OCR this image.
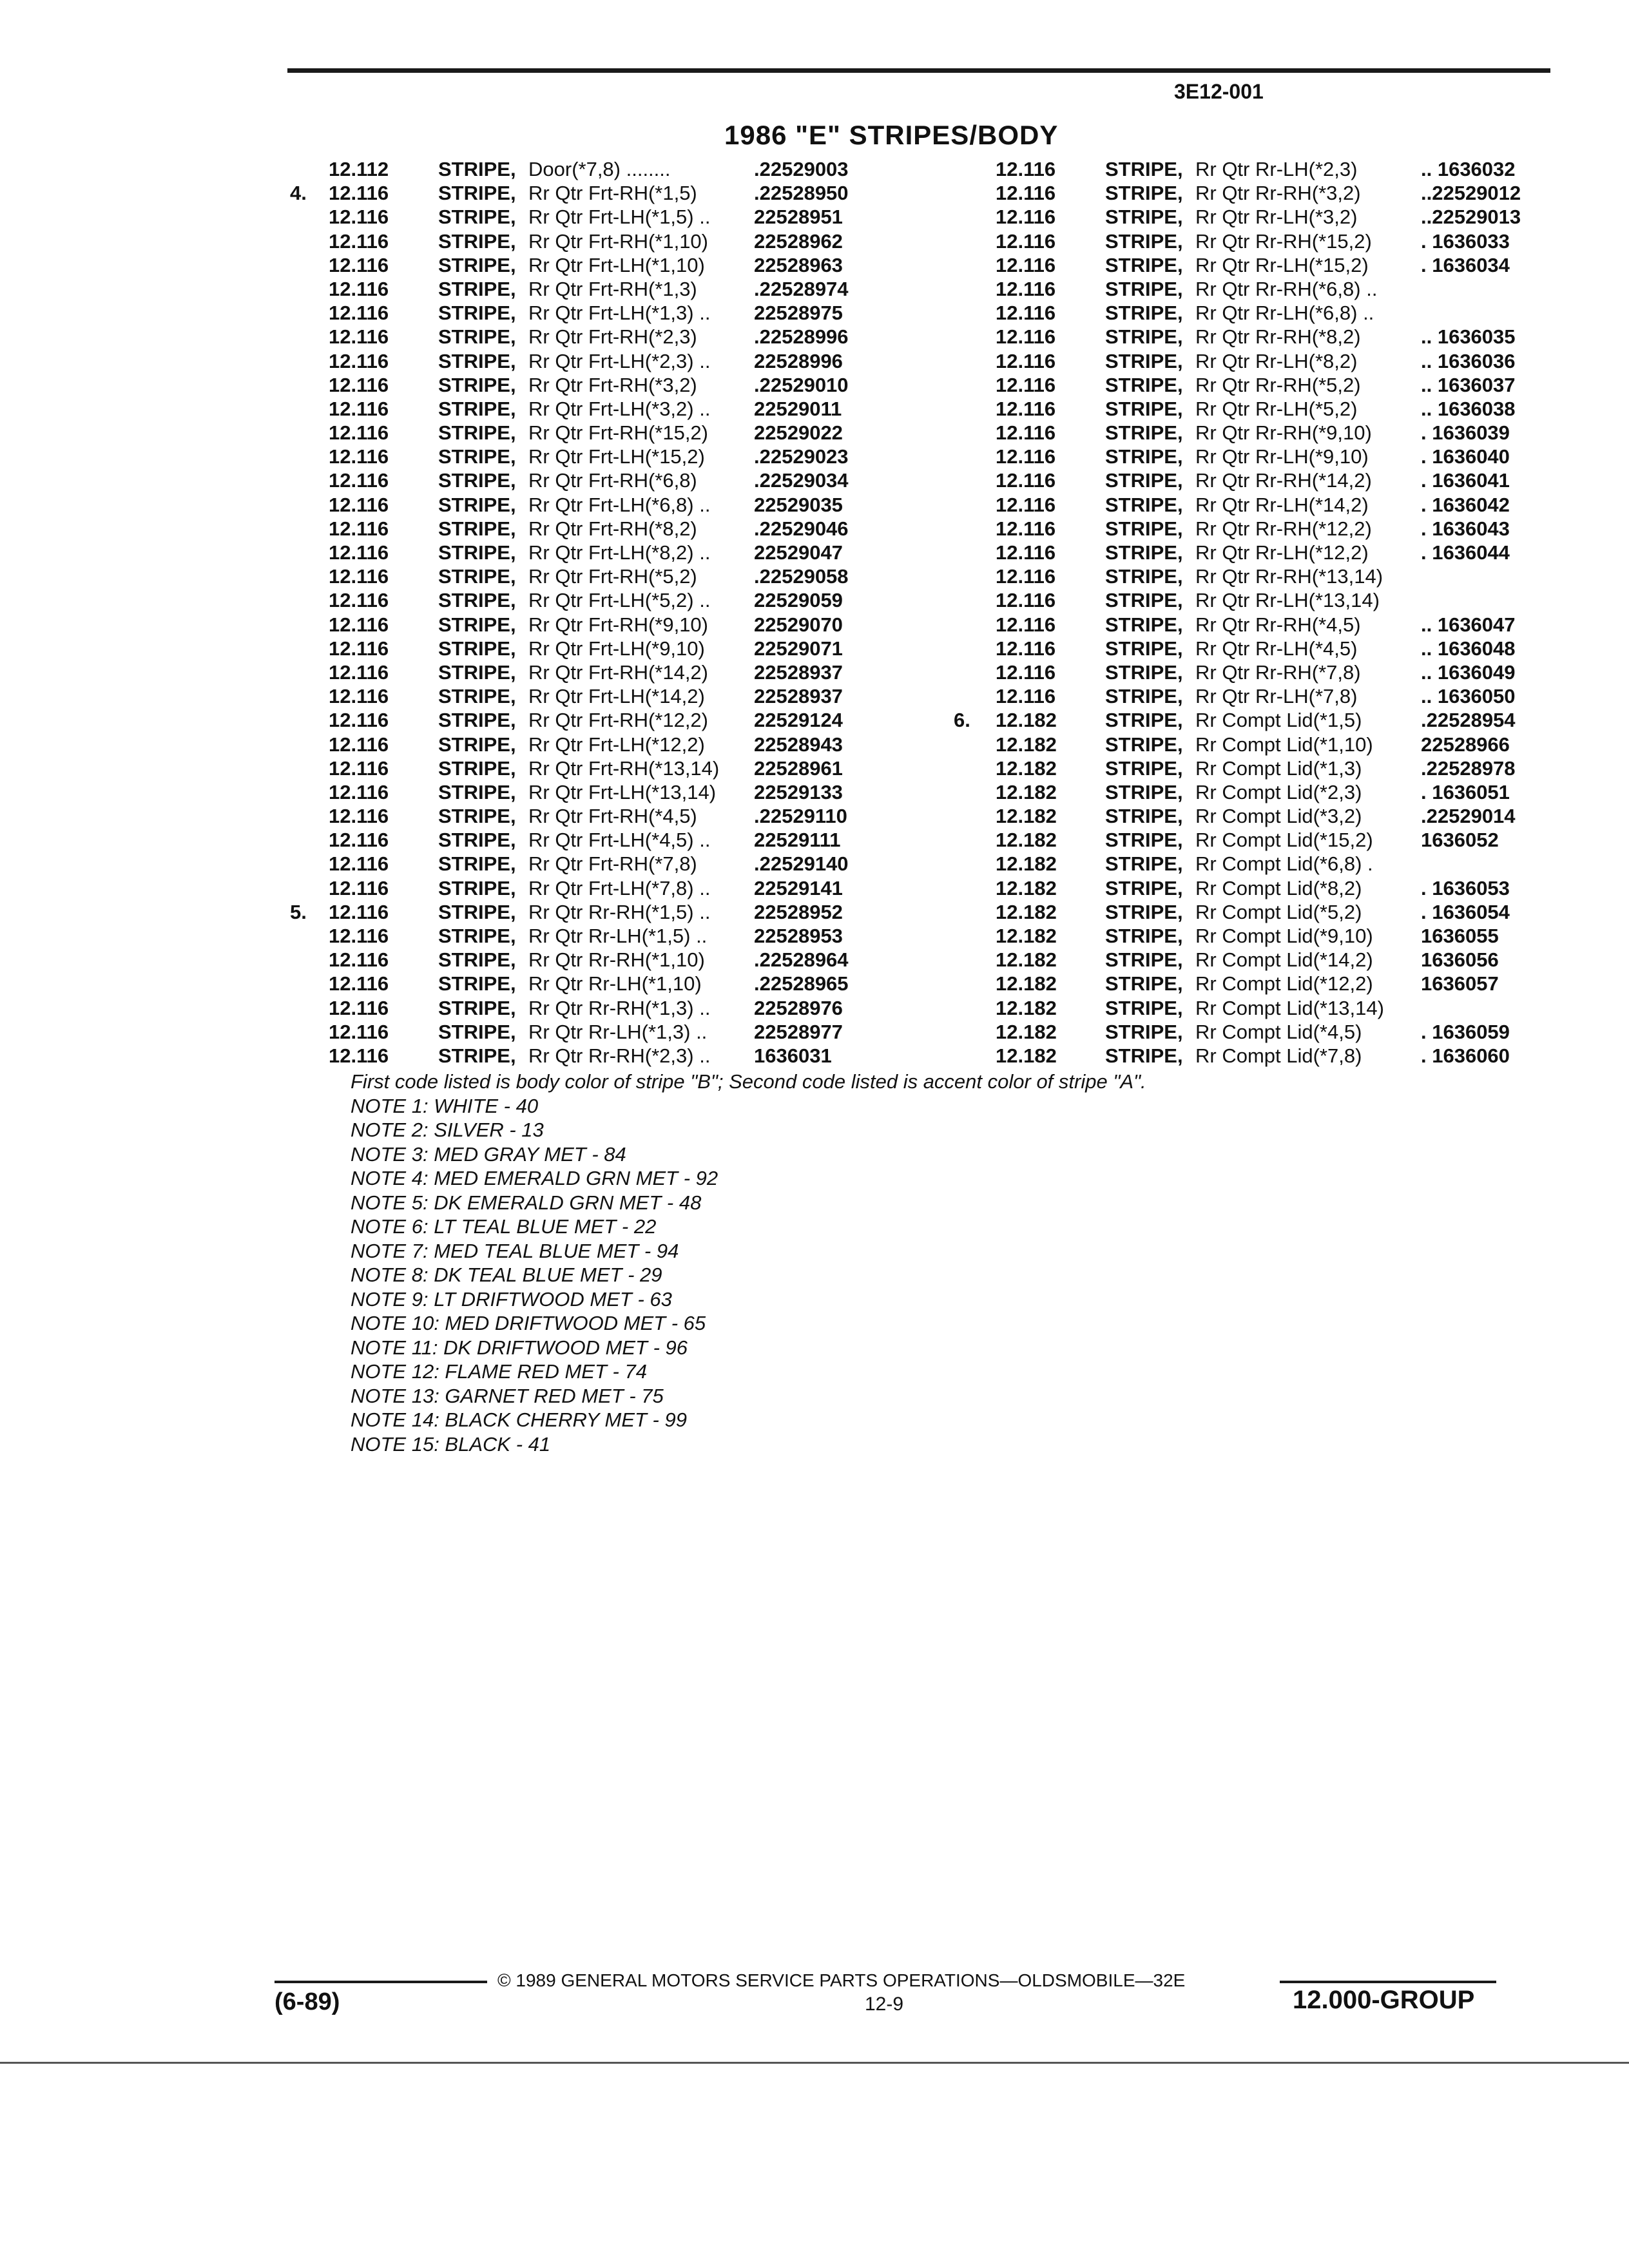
3E12-001
1986 "E" STRIPES/BODY
12.112 STRIPE, Door(*7,8) ........	.22529003
4. 12.116 STRIPE, Rr Qtr Frt-RH(*1,5)	.22528950
12.116 STRIPE, Rr Qtr Frt-LH(*1,5) .. 22528951
12.116 STRIPE, Rr Qtr Frt-RH(*1,10) 22528962
12.116 STRIPE, Rr Qtr Frt-LH(*1,10) 22528963
12.116 STRIPE, Rr Qtr Frt-RH(*1,3)	.22528974
12.116 STRIPE, Rr Qtr Frt-LH(*1,3) .. 22528975
12.116 STRIPE, Rr Qtr Frt-RH(*2,3)	.22528996
12.116 STRIPE, Rr Qtr Frt-LH(*2,3) .. 22528996
12.116 STRIPE, Rr Qtr Frt-RH(*3,2)	.22529010
12.116 STRIPE, Rr Qtr Frt-LH(*3,2) .. 22529011
12.116 STRIPE, Rr Qtr Frt-RH(*15,2) 22529022
12.116 STRIPE, Rr Qtr Frt-LH(*15,2) .22529023
12.116 STRIPE, Rr Qtr Frt-RH(*6,8)	.22529034
12.116 STRIPE, Rr Qtr Frt-LH(*6,8) .. 22529035
12.116 STRIPE, Rr Qtr Frt-RH(*8,2)	.22529046
12.116 STRIPE, Rr Qtr Frt-LH(*8,2) .. 22529047
12.116 STRIPE, Rr Qtr Frt-RH(*5,2)	.22529058
12.116 STRIPE, Rr Qtr Frt-LH(*5,2) .. 22529059
12.116 STRIPE, Rr Qtr Frt-RH(*9,10) 22529070
12.116 STRIPE, Rr Qtr Frt-LH(*9,10) 22529071
12.116 STRIPE, Rr Qtr Frt-RH(*14,2) 22528937
12.116 STRIPE, Rr Qtr Frt-LH(*14,2) 22528937
12.116 STRIPE, Rr Qtr Frt-RH(*12,2) 22529124
12.116 STRIPE, Rr Qtr Frt-LH(*12,2) 22528943
12.116 STRIPE, Rr Qtr Frt-RH(*13,14) 22528961
12.116 STRIPE, Rr Qtr Frt-LH(*13,14) 22529133
12.116 STRIPE, Rr Qtr Frt-RH(*4,5)	.22529110
12.116 STRIPE, Rr Qtr Frt-LH(*4,5) .. 22529111
12.116 STRIPE, Rr Qtr Frt-RH(*7,8)	.22529140
12.116 STRIPE, Rr Qtr Frt-LH(*7,8) .. 22529141
5. 12.116 STRIPE, Rr Qtr Rr-RH(*1,5) .. 22528952
12.116 STRIPE, Rr Qtr Rr-LH(*1,5) .. 22528953
12.116 STRIPE, Rr Qtr Rr-RH(*1,10) .22528964
12.116 STRIPE, Rr Qtr Rr-LH(*1,10)	.22528965
12.116 STRIPE, Rr Qtr Rr-RH(*1,3) .. 22528976
12.116 STRIPE, Rr Qtr Rr-LH(*1,3) .. 22528977
12.116 STRIPE, Rr Qtr Rr-RH(*2,3) .. 1636031
12.116 STRIPE, Rr Qtr Rr-LH(*2,3)	.. 1636032
12.116 STRIPE, Rr Qtr Rr-RH(*3,2)	..22529012
12.116 STRIPE, Rr Qtr Rr-LH(*3,2)	..22529013
12.116 STRIPE, Rr Qtr Rr-RH(*15,2) . 1636033
12.116 STRIPE, Rr Qtr Rr-LH(*15,2)	. 1636034
12.116 STRIPE, Rr Qtr Rr-RH(*6,8) ..
12.116 STRIPE, Rr Qtr Rr-LH(*6,8) ..
12.116 STRIPE, Rr Qtr Rr-RH(*8,2)	.. 1636035
12.116 STRIPE, Rr Qtr Rr-LH(*8,2)	.. 1636036
12.116 STRIPE, Rr Qtr Rr-RH(*5,2)	.. 1636037
12.116 STRIPE, Rr Qtr Rr-LH(*5,2)	.. 1636038
12.116 STRIPE, Rr Qtr Rr-RH(*9,10) . 1636039
12.116 STRIPE, Rr Qtr Rr-LH(*9,10)	. 1636040
12.116 STRIPE, Rr Qtr Rr-RH(*14,2) . 1636041
12.116 STRIPE, Rr Qtr Rr-LH(*14,2)	. 1636042
12.116 STRIPE, Rr Qtr Rr-RH(*12,2) . 1636043
12.116 STRIPE, Rr Qtr Rr-LH(*12,2)	. 1636044
12.116 STRIPE, Rr Qtr Rr-RH(*13,14)
12.116 STRIPE, Rr Qtr Rr-LH(*13,14)
12.116 STRIPE, Rr Qtr Rr-RH(*4,5)	.. 1636047
12.116 STRIPE, Rr Qtr Rr-LH(*4,5)	.. 1636048
12.116 STRIPE, Rr Qtr Rr-RH(*7,8)	.. 1636049
12.116 STRIPE, Rr Qtr Rr-LH(*7,8)	.. 1636050
6. 12.182 STRIPE, Rr Compt Lid(*1,5)	.22528954
12.182 STRIPE, Rr Compt Lid(*1,10) 22528966
12.182 STRIPE, Rr Compt Lid(*1,3)	.22528978
12.182 STRIPE, Rr Compt Lid(*2,3)	. 1636051
12.182 STRIPE, Rr Compt Lid(*3,2)	.22529014
12.182 STRIPE, Rr Compt Lid(*15,2) 1636052
12.182 STRIPE, Rr Compt Lid(*6,8) .
12.182 STRIPE, Rr Compt Lid(*8,2)	. 1636053
12.182 STRIPE, Rr Compt Lid(*5,2)	. 1636054
12.182 STRIPE, Rr Compt Lid(*9,10) 1636055
12.182 STRIPE, Rr Compt Lid(*14,2) 1636056
12.182 STRIPE, Rr Compt Lid(*12,2) 1636057
12.182 STRIPE, Rr Compt Lid(*13,14)
12.182 STRIPE, Rr Compt Lid(*4,5)	. 1636059
12.182 STRIPE, Rr Compt Lid(*7,8)	. 1636060
First code listed is body color of stripe "B"; Second code listed is accent color of stripe "A".
NOTE 1: WHITE - 40
NOTE 2: SILVER - 13
NOTE 3: MED GRAY MET - 84
NOTE 4: MED EMERALD GRN MET - 92
NOTE 5: DK EMERALD GRN MET - 48
NOTE 6: LT TEAL BLUE MET - 22
NOTE 7: MED TEAL BLUE MET - 94
NOTE 8: DK TEAL BLUE MET - 29
NOTE 9: LT DRIFTWOOD MET - 63
NOTE 10: MED DRIFTWOOD MET - 65
NOTE 11: DK DRIFTWOOD MET - 96
NOTE 12: FLAME RED MET - 74
NOTE 13: GARNET RED MET - 75
NOTE 14: BLACK CHERRY MET - 99
NOTE 15: BLACK - 41
© 1989 GENERAL MOTORS SERVICE PARTS OPERATIONS—OLDSMOBILE—32E
(6-89)	12-9	12.000-GROUP
